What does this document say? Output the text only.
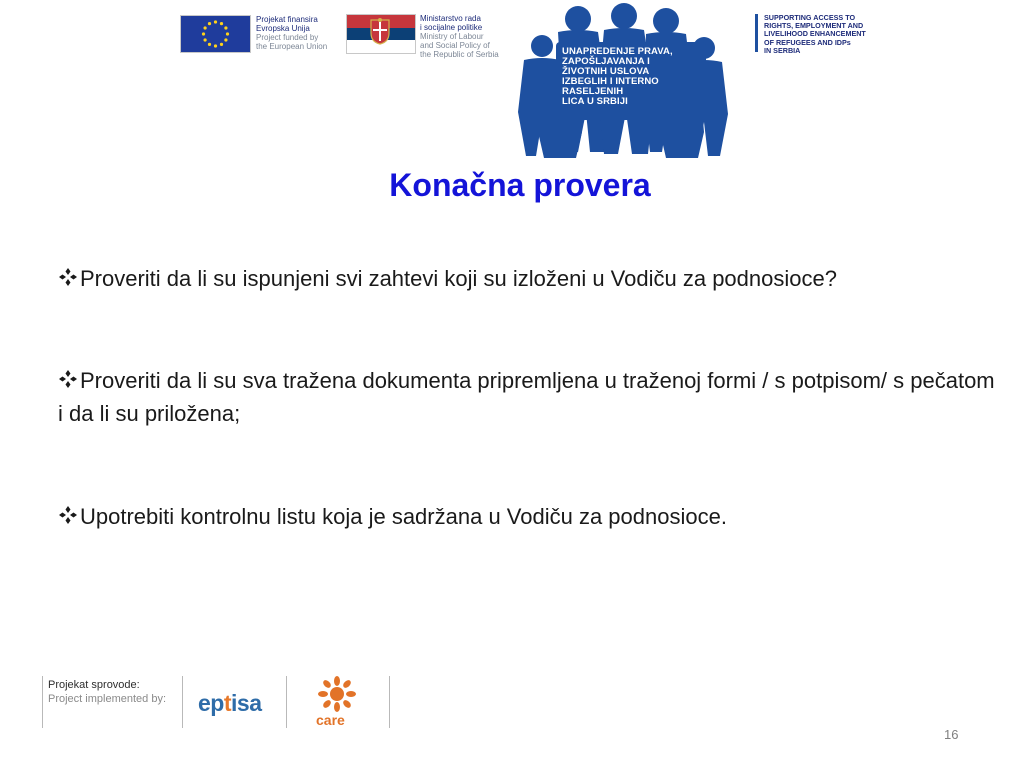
Projekat finansira
Evropska Unija
Project funded by
the European Union
Ministarstvo rada
i socijalne politike
Ministry of Labour
and Social Policy of
the Republic of Serbia	UNAPREDENJE PRAVA,
ZAPOŠLJAVANJA I
ŽIVOTNIH USLOVA
IZBEGLIH I INTERNO
RASELJENIH
LICA U SRBIJI
SUPPORTING ACCESS TO
RIGHTS, EMPLOYMENT AND
LIVELIHOOD ENHANCEMENT
OF REFUGEES AND IDPs
IN SERBIA
Konačna provera
Proveriti da li su ispunjeni svi zahtevi koji su izloženi u Vodiču za podnosioce?
Proveriti da li su sva tražena dokumenta pripremljena u traženoj formi / s potpisom/ s pečatom i da li su priložena;
Upotrebiti kontrolnu listu koja je sadržana u Vodiču za podnosioce.
Projekat sprovode:
Project implemented by: eptisa
care
16
